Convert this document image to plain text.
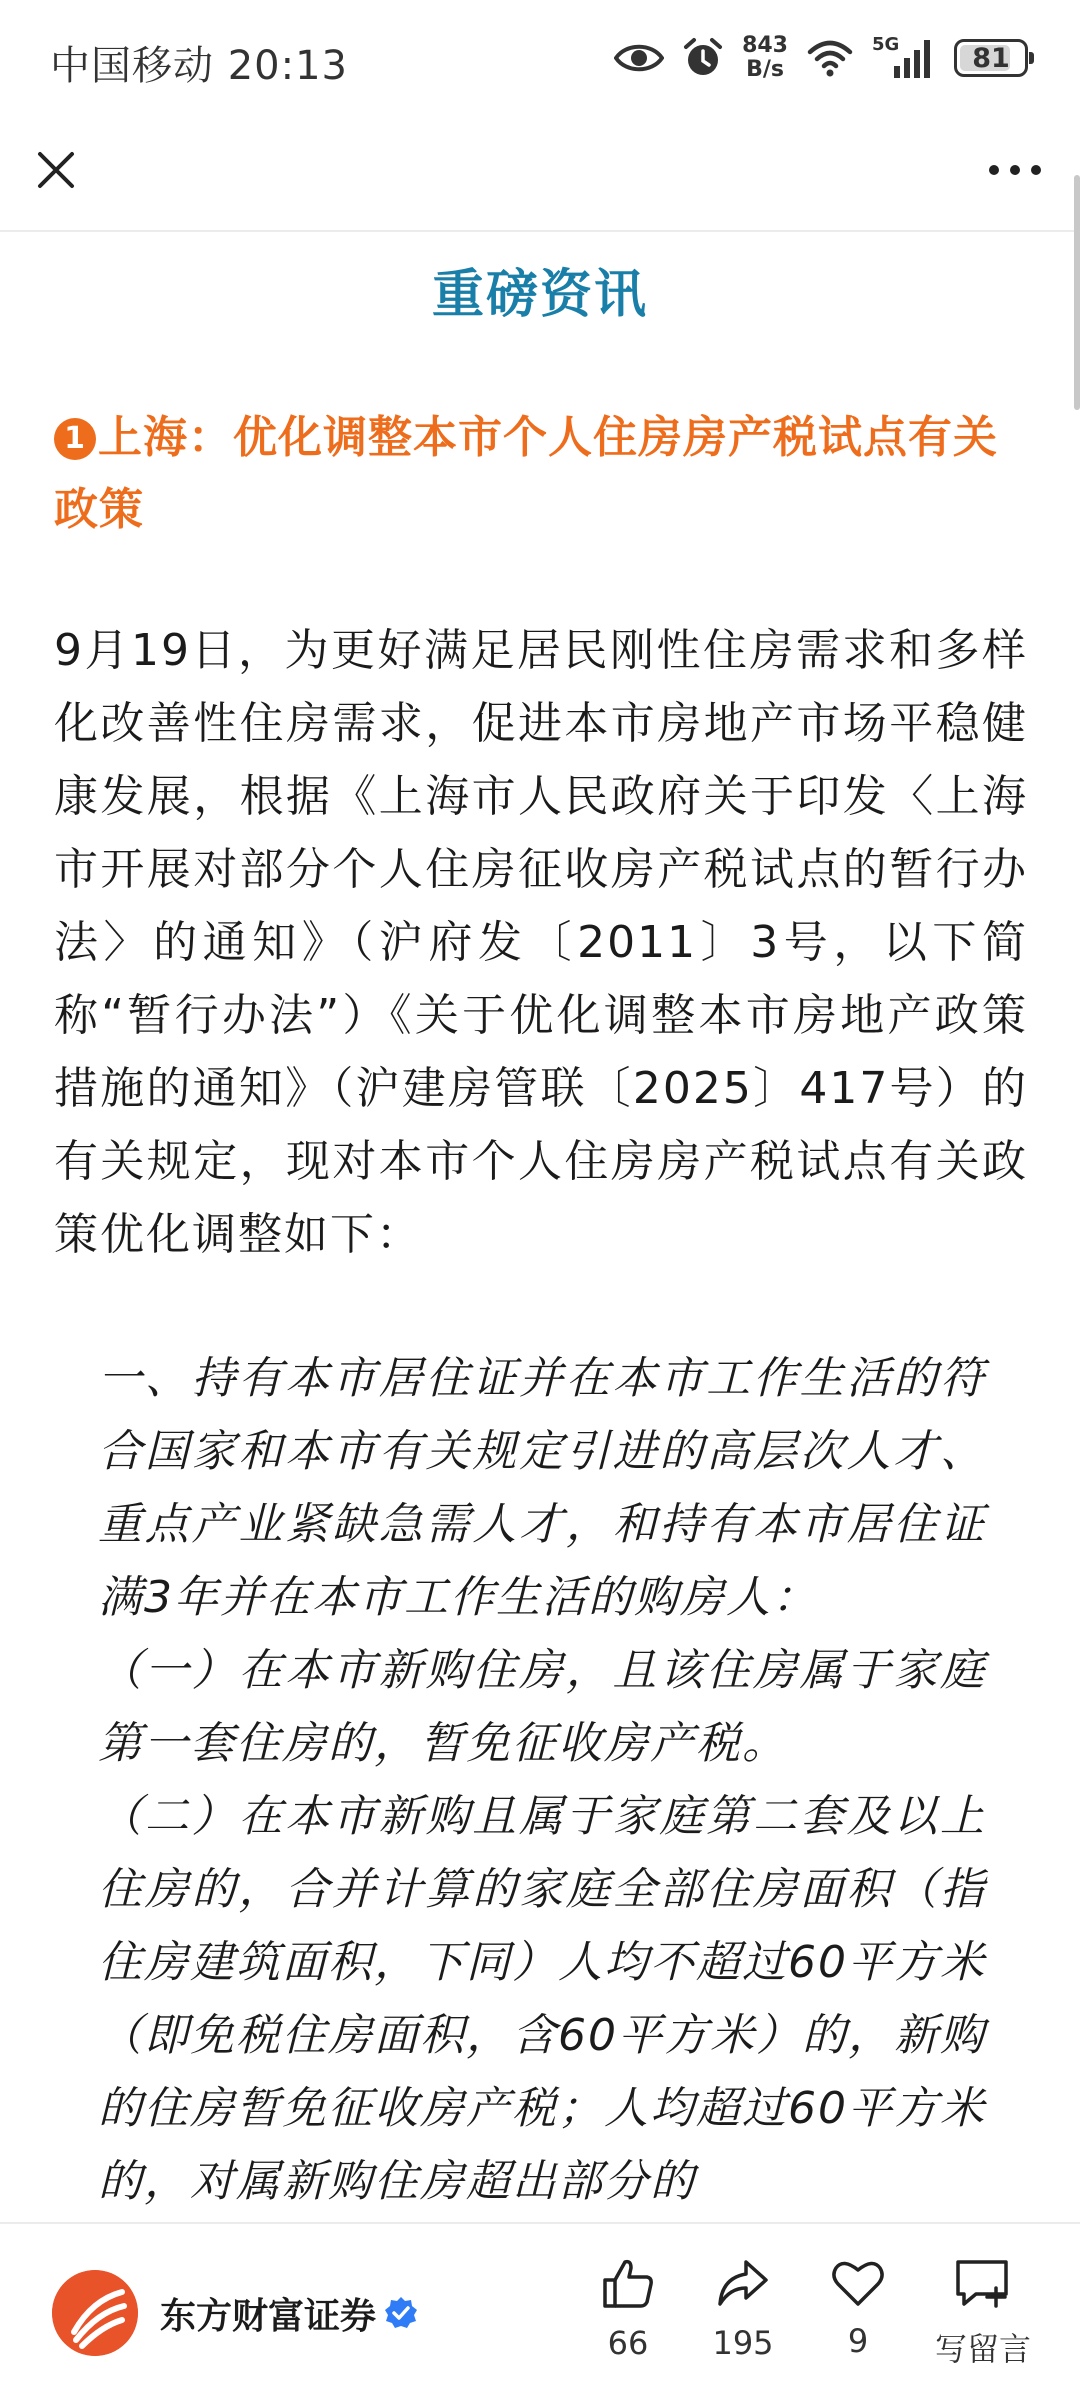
中国移动 20:13	843
B/s
5G	81
重磅资讯
1 上海：优化调整本市个人住房房产税试点有关政策
9月19日，为更好满足居民刚性住房需求和多样化改善性住房需求，促进本市房地产市场平稳健康发展，根据《上海市人民政府关于印发〈上海市开展对部分个人住房征收房产税试点的暂行办法〉的通知》（沪府发〔2011〕3号，以下简称“暂行办法”）《关于优化调整本市房地产政策措施的通知》（沪建房管联〔2025〕417号）的有关规定，现对本市个人住房房产税试点有关政策优化调整如下：

一、持有本市居住证并在本市工作生活的符合国家和本市有关规定引进的高层次人才、重点产业紧缺急需人才，和持有本市居住证满3年并在本市工作生活的购房人：

（一）在本市新购住房，且该住房属于家庭第一套住房的，暂免征收房产税。

（二）在本市新购且属于家庭第二套及以上住房的，合并计算的家庭全部住房面积（指住房建筑面积，下同）人均不超过60平方米（即免税住房面积，含60平方米）的，新购的住房暂免征收房产税；人均超过60平方米的，对属新购住房超出部分的

东方财富证券
66 195 9 写留言
